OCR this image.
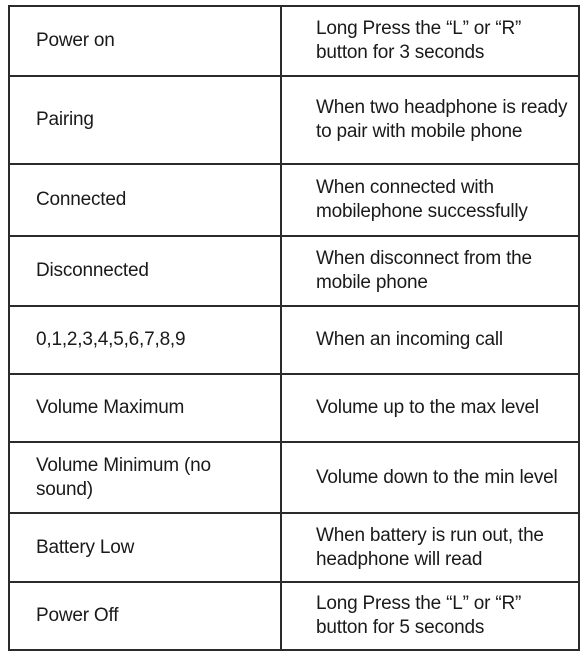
Power on	Long Press the “L” or “R” button for 3 seconds
Pairing	When two headphone is ready to pair with mobile phone
Connected	When connected with mobilephone successfully
Disconnected	When disconnect from the mobile phone
0,1,2,3,4,5,6,7,8,9	When an incoming call
Volume Maximum	Volume up to the max level
Volume Minimum (no sound)	Volume down to the min level
Battery Low	When battery is run out, the headphone will read
Power Off	Long Press the “L” or “R” button for 5 seconds
